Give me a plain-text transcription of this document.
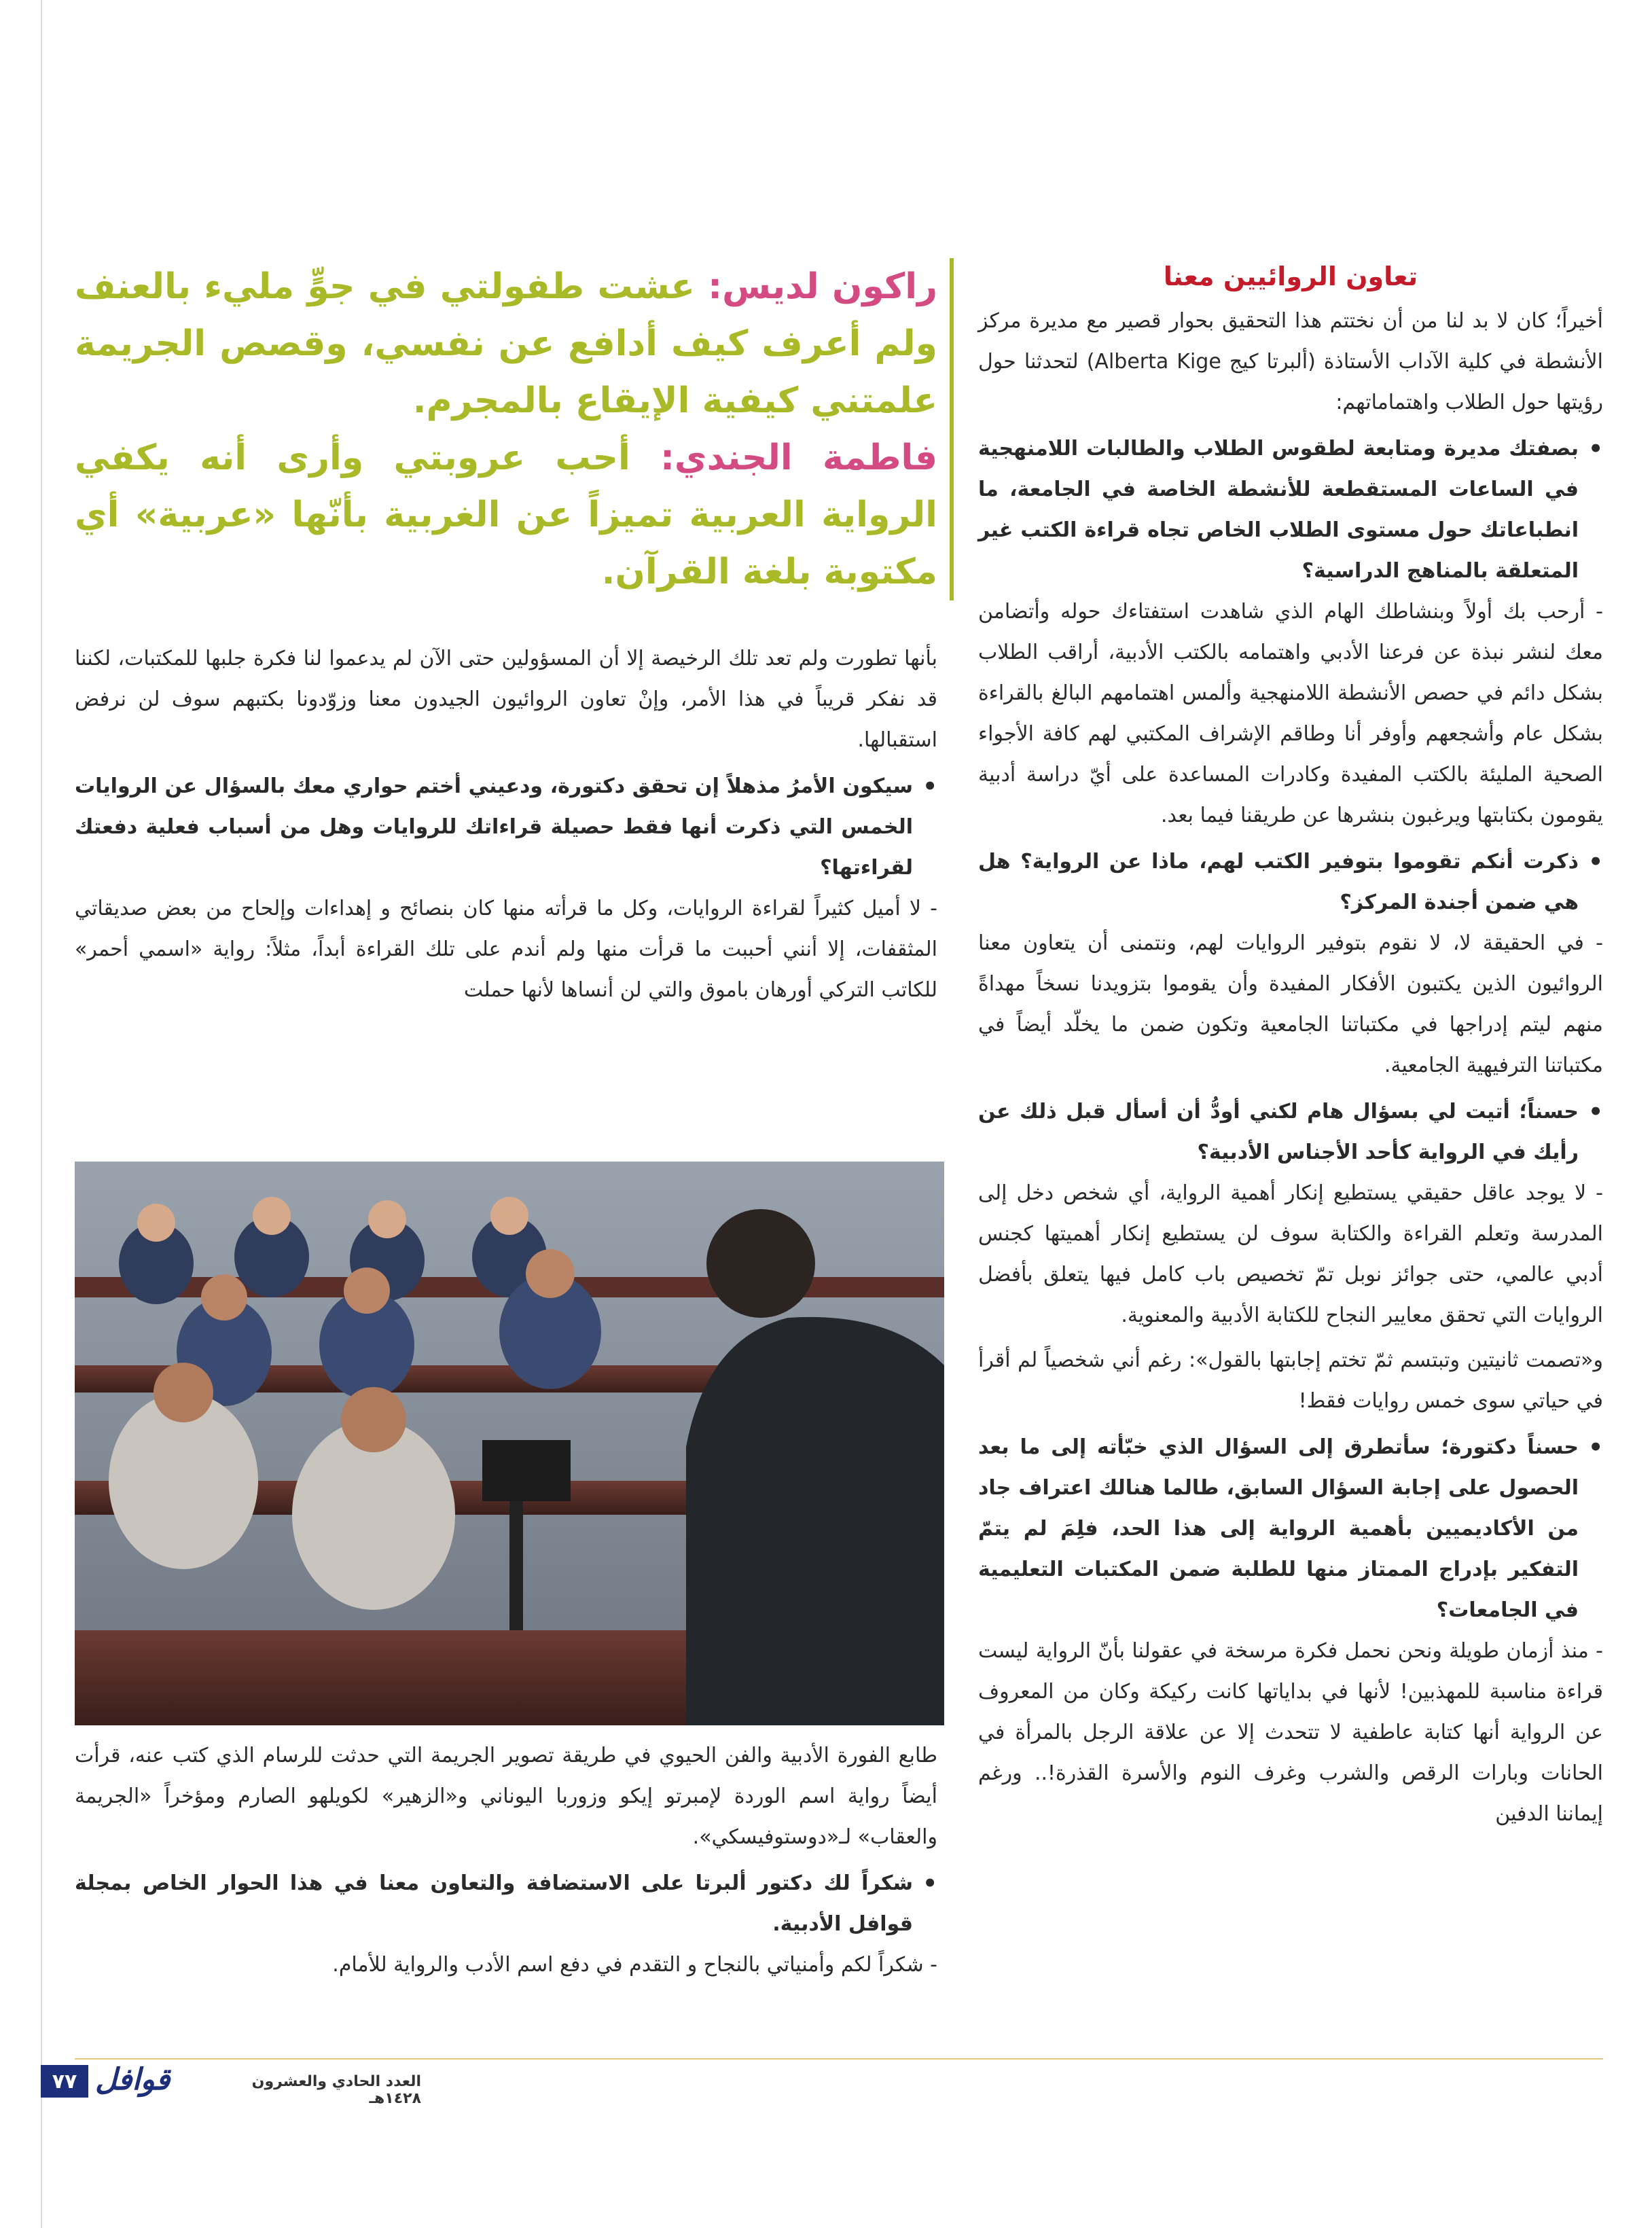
تعاون الروائيين معنا

أخيراً؛ كان لا بد لنا من أن نختتم هذا التحقيق بحوار قصير مع مديرة مركز الأنشطة في كلية الآداب الأستاذة (ألبرتا كيج Alberta Kige) لتحدثنا حول رؤيتها حول الطلاب واهتماماتهم:

•
بصفتك مديرة ومتابعة لطقوس الطلاب والطالبات اللامنهجية في الساعات المستقطعة للأنشطة الخاصة في الجامعة، ما انطباعاتك حول مستوى الطلاب الخاص تجاه قراءة الكتب غير المتعلقة بالمناهج الدراسية؟

- أرحب بك أولاً وبنشاطك الهام الذي شاهدت استفتاءك حوله وأتضامن معك لنشر نبذة عن فرعنا الأدبي واهتمامه بالكتب الأدبية، أراقب الطلاب بشكل دائم في حصص الأنشطة اللامنهجية وألمس اهتمامهم البالغ بالقراءة بشكل عام وأشجعهم وأوفر أنا وطاقم الإشراف المكتبي لهم كافة الأجواء الصحية المليئة بالكتب المفيدة وكادرات المساعدة على أيّ دراسة أدبية يقومون بكتابتها ويرغبون بنشرها عن طريقنا فيما بعد.

•
ذكرت أنكم تقوموا بتوفير الكتب لهم، ماذا عن الرواية؟ هل هي ضمن أجندة المركز؟

- في الحقيقة لا، لا نقوم بتوفير الروايات لهم، ونتمنى أن يتعاون معنا الروائيون الذين يكتبون الأفكار المفيدة وأن يقوموا بتزويدنا نسخاً مهداةً منهم ليتم إدراجها في مكتباتنا الجامعية وتكون ضمن ما يخلّد أيضاً في مكتباتنا الترفيهية الجامعية.

•
حسناً؛ أتيت لي بسؤال هام لكني أودُّ أن أسأل قبل ذلك عن رأيك في الرواية كأحد الأجناس الأدبية؟

- لا يوجد عاقل حقيقي يستطيع إنكار أهمية الرواية، أي شخص دخل إلى المدرسة وتعلم القراءة والكتابة سوف لن يستطيع إنكار أهميتها كجنس أدبي عالمي، حتى جوائز نوبل تمّ تخصيص باب كامل فيها يتعلق بأفضل الروايات التي تحقق معايير النجاح للكتابة الأدبية والمعنوية.

و«تصمت ثانيتين وتبتسم ثمّ تختم إجابتها بالقول»: رغم أني شخصياً لم أقرأ في حياتي سوى خمس روايات فقط!

•
حسناً دكتورة؛ سأتطرق إلى السؤال الذي خبّأته إلى ما بعد الحصول على إجابة السؤال السابق، طالما هنالك اعتراف جاد من الأكاديميين بأهمية الرواية إلى هذا الحد، فلِمَ لم يتمّ التفكير بإدراج الممتاز منها للطلبة ضمن المكتبات التعليمية في الجامعات؟

- منذ أزمان طويلة ونحن نحمل فكرة مرسخة في عقولنا بأنّ الرواية ليست قراءة مناسبة للمهذبين! لأنها في بداياتها كانت ركيكة وكان من المعروف عن الرواية أنها كتابة عاطفية لا تتحدث إلا عن علاقة الرجل بالمرأة في الحانات وبارات الرقص والشرب وغرف النوم والأسرة القذرة!.. ورغم إيماننا الدفين

راكون لديس: عشت طفولتي في جوٍّ مليء بالعنف ولم أعرف كيف أدافع عن نفسي، وقصص الجريمة علمتني كيفية الإيقاع بالمجرم.

فاطمة الجندي: أحب عروبتي وأرى أنه يكفي الرواية العربية تميزاً عن الغربية بأنّها «عربية» أي مكتوبة بلغة القرآن.

بأنها تطورت ولم تعد تلك الرخيصة إلا أن المسؤولين حتى الآن لم يدعموا لنا فكرة جلبها للمكتبات، لكننا قد نفكر قريباً في هذا الأمر، وإنْ تعاون الروائيون الجيدون معنا وزوّدونا بكتبهم سوف لن نرفض استقبالها.

•
سيكون الأمرُ مذهلاً إن تحقق دكتورة، ودعيني أختم حواري معك بالسؤال عن الروايات الخمس التي ذكرت أنها فقط حصيلة قراءاتك للروايات وهل من أسباب فعلية دفعتك لقراءتها؟

- لا أميل كثيراً لقراءة الروايات، وكل ما قرأته منها كان بنصائح و إهداءات وإلحاح من بعض صديقاتي المثقفات، إلا أنني أحببت ما قرأت منها ولم أندم على تلك القراءة أبداً، مثلاً: رواية «اسمي أحمر» للكاتب التركي أورهان باموق والتي لن أنساها لأنها حملت

طابع الفورة الأدبية والفن الحيوي في طريقة تصوير الجريمة التي حدثت للرسام الذي كتب عنه، قرأت أيضاً رواية اسم الوردة لإمبرتو إيكو وزوربا اليوناني و«الزهير» لكويلهو الصارم ومؤخراً «الجريمة والعقاب» لـ«دوستوفيسكي».

•
شكراً لك دكتور ألبرتا على الاستضافة والتعاون معنا في هذا الحوار الخاص بمجلة قوافل الأدبية.

- شكراً لكم وأمنياتي بالنجاح و التقدم في دفع اسم الأدب والرواية للأمام.

٧٧ قوافل	العدد الحادي والعشرون ١٤٢٨هـ
